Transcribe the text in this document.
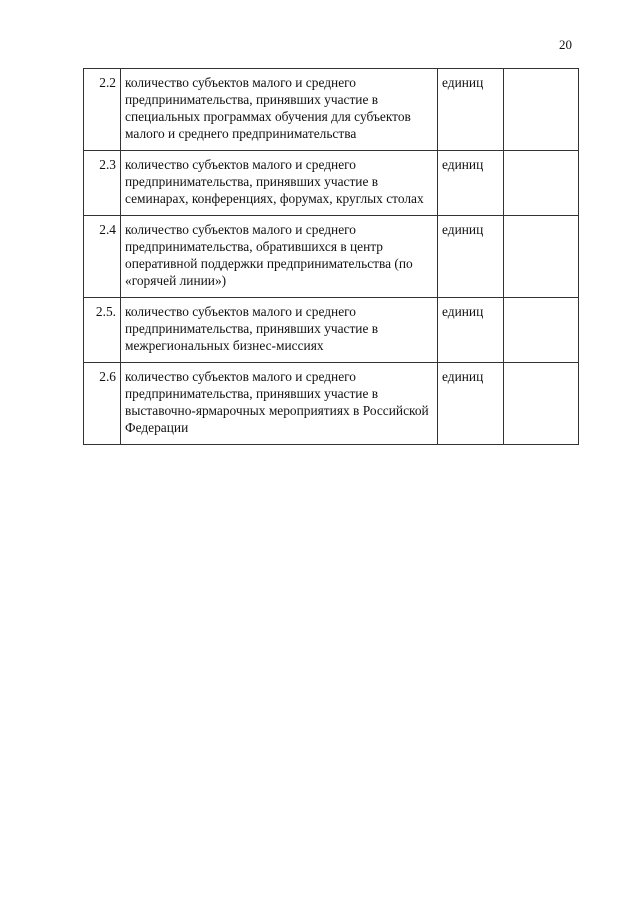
20
2.2	количество субъектов малого и среднего предпринимательства, принявших участие в специальных программах обучения для субъектов малого и среднего предпринимательства	единиц	
2.3	количество субъектов малого и среднего предпринимательства, принявших участие в семинарах, конференциях, форумах, круглых столах	единиц	
2.4	количество субъектов малого и среднего предпринимательства, обратившихся в центр оперативной поддержки предпринимательства (по «горячей линии»)	единиц	
2.5.	количество субъектов малого и среднего предпринимательства, принявших участие в межрегиональных бизнес-миссиях	единиц	
2.6	количество субъектов малого и среднего предпринимательства, принявших участие в выставочно-ярмарочных мероприятиях в Российской Федерации	единиц	
